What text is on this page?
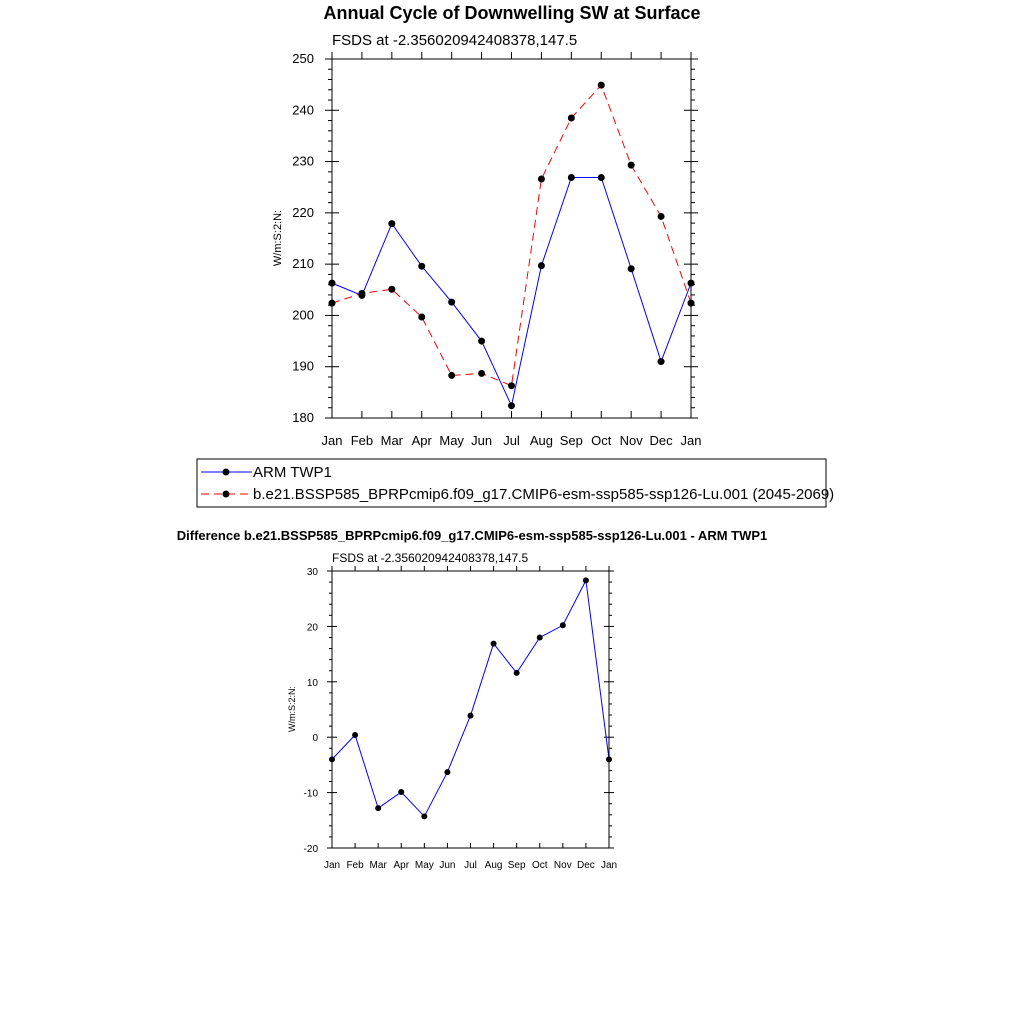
Annual Cycle of Downwelling SW at Surface
FSDS at -2.356020942408378,147.5
W/m:S:2:N:
Jan Feb Mar Apr May Jun Jul Aug Sep Oct Nov Dec Jan
180
190
200
210
220
230
240
250
ARM TWP1
b.e21.BSSP585_BPRPcmip6.f09_g17.CMIP6-esm-ssp585-ssp126-Lu.001 (2045-2069)
Difference b.e21.BSSP585_BPRPcmip6.f09_g17.CMIP6-esm-ssp585-ssp126-Lu.001 - ARM TWP1
FSDS at -2.356020942408378,147.5
W/m:S:2:N:
Jan Feb Mar Apr May Jun Jul Aug Sep Oct Nov Dec Jan
-20
-10
0
10
20
30
